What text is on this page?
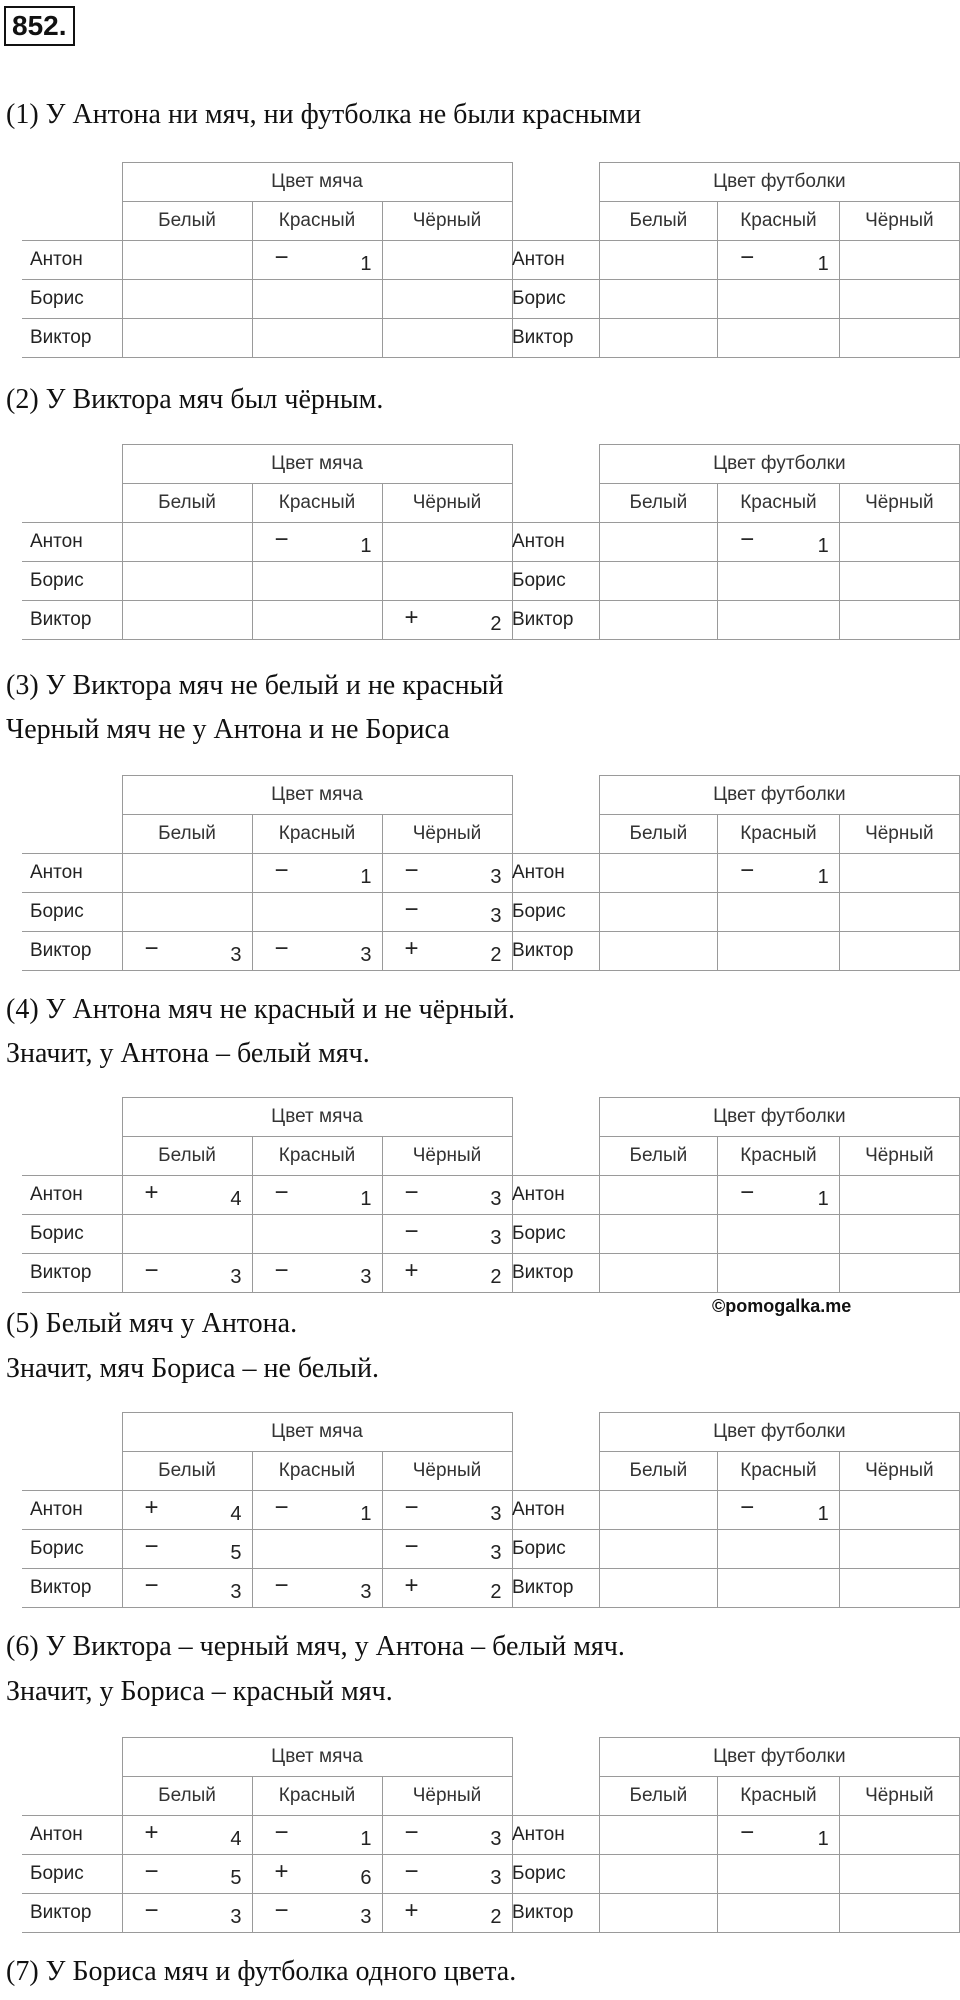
852.
(1) У Антона ни мяч, ни футболка не были красными
	Цвет мяча		
	Белый	Красный	Чёрный
Антон		− 1	

Борис	

Виктор	

	Цвет футболки		
	Белый	Красный	Чёрный
Антон		− 1	

Борис	

Виктор	

(2) У Виктора мяч был чёрным.
	Цвет мяча		
	Белый	Красный	Чёрный
Антон		− 1	

Борис	

Виктор			+ 2
	Цвет футболки		
	Белый	Красный	Чёрный
Антон		− 1	

Борис	

Виктор	

(3) У Виктора мяч не белый и не красный
Черный мяч не у Антона и не Бориса
	Цвет мяча		
	Белый	Красный	Чёрный
Антон		− 1	− 3

Борис			− 3

Виктор	− 3	− 3	+ 2
	Цвет футболки		
	Белый	Красный	Чёрный
Антон		− 1	

Борис	

Виктор	

(4) У Антона мяч не красный и не чёрный.
Значит, у Антона – белый мяч.
	Цвет мяча		
	Белый	Красный	Чёрный
Антон	+ 4	− 1	− 3

Борис			− 3

Виктор	− 3	− 3	+ 2
	Цвет футболки		
	Белый	Красный	Чёрный
Антон		− 1	

Борис	

Виктор	

(5) Белый мяч у Антона.
Значит, мяч Бориса – не белый.
	Цвет мяча		
	Белый	Красный	Чёрный
Антон	+ 4	− 1	− 3

Борис	− 5		− 3

Виктор	− 3	− 3	+ 2
	Цвет футболки		
	Белый	Красный	Чёрный
Антон		− 1	

Борис	

Виктор	

(6) У Виктора – черный мяч, у Антона – белый мяч.
Значит, у Бориса – красный мяч.
	Цвет мяча		
	Белый	Красный	Чёрный
Антон	+ 4	− 1	− 3

Борис	− 5	+ 6	− 3

Виктор	− 3	− 3	+ 2
	Цвет футболки		
	Белый	Красный	Чёрный
Антон		− 1	

Борис	

Виктор	

©pomogalka.me
(7) У Бориса мяч и футболка одного цвета.
